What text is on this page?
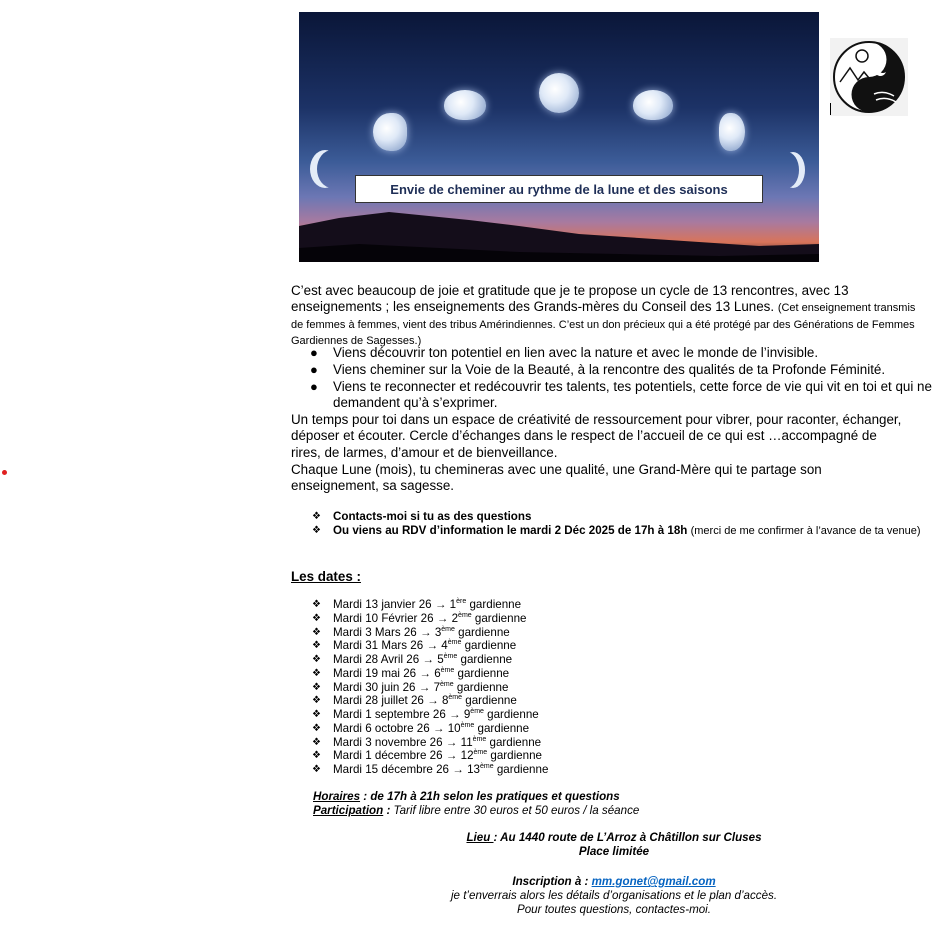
Envie de cheminer au rythme de la lune et des saisons
C’est avec beaucoup de joie et gratitude que je te propose un cycle de 13 rencontres, avec 13 enseignements ; les enseignements des Grands-mères du Conseil des 13 Lunes. (Cet enseignement transmis de femmes à femmes, vient des tribus Amérindiennes. C’est un don précieux qui a été protégé par des Générations de Femmes Gardiennes de Sagesses.)
● Viens découvrir ton potentiel en lien avec la nature et avec le monde de l’invisible.
● Viens cheminer sur la Voie de la Beauté, à la rencontre des qualités de ta Profonde Féminité.
● Viens te reconnecter et redécouvrir tes talents, tes potentiels, cette force de vie qui vit en toi et qui ne demandent qu’à s’exprimer.
Un temps pour toi dans un espace de créativité de ressourcement pour vibrer, pour raconter, échanger, déposer et écouter. Cercle d’échanges dans le respect de l’accueil de ce qui est …accompagné de rires, de larmes, d’amour et de bienveillance.
Chaque Lune (mois), tu chemineras avec une qualité, une Grand-Mère qui te partage son enseignement, sa sagesse.
❖ Contacts-moi si tu as des questions
❖ Ou viens au RDV d’information le mardi 2 Déc 2025 de 17h à 18h (merci de me confirmer à l’avance de ta venue)
Les dates :
❖ Mardi 13 janvier 26 → 1ère gardienne
❖ Mardi 10 Février 26 → 2ème gardienne
❖ Mardi 3 Mars 26 → 3ème gardienne
❖ Mardi 31 Mars 26 → 4ème gardienne
❖ Mardi 28 Avril 26 → 5ème gardienne
❖ Mardi 19 mai 26 → 6ème gardienne
❖ Mardi 30 juin 26 → 7ème gardienne
❖ Mardi 28 juillet 26 → 8ème gardienne
❖ Mardi 1 septembre 26 → 9ème gardienne
❖ Mardi 6 octobre 26 → 10ème gardienne
❖ Mardi 3 novembre 26 → 11ème gardienne
❖ Mardi 1 décembre 26 → 12ème gardienne
❖ Mardi 15 décembre 26 → 13ème gardienne
Horaires : de 17h à 21h selon les pratiques et questions
Participation : Tarif libre entre 30 euros et 50 euros / la séance
Lieu : Au 1440 route de L’Arroz à Châtillon sur Cluses
Place limitée
Inscription à : mm.gonet@gmail.com
je t’enverrais alors les détails d’organisations et le plan d’accès.
Pour toutes questions, contactes-moi.
